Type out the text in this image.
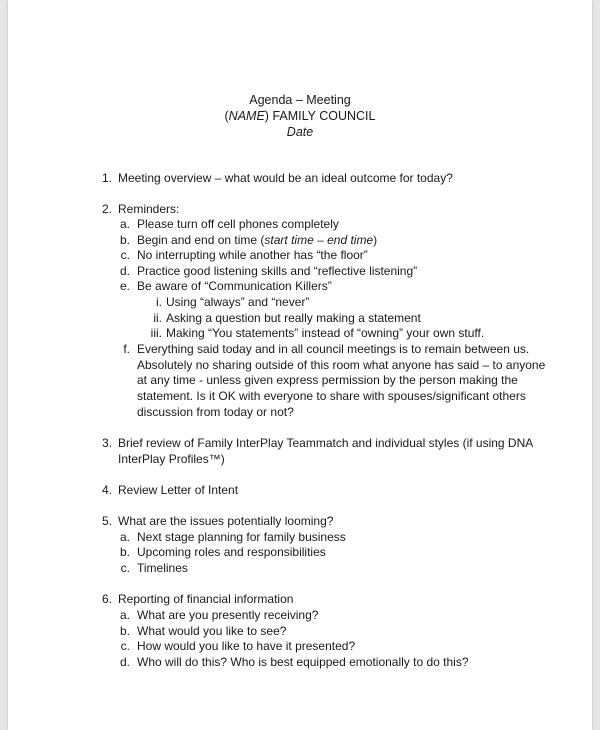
Agenda – Meeting
(NAME) FAMILY COUNCIL
Date
1. Meeting overview – what would be an ideal outcome for today?
2. Reminders:
a. Please turn off cell phones completely
b. Begin and end on time (start time – end time)
c. No interrupting while another has “the floor”
d. Practice good listening skills and “reflective listening”
e. Be aware of “Communication Killers”
i. Using “always” and “never”
ii. Asking a question but really making a statement
iii. Making “You statements” instead of “owning” your own stuff.
f. Everything said today and in all council meetings is to remain between us.
Absolutely no sharing outside of this room what anyone has said – to anyone
at any time - unless given express permission by the person making the
statement. Is it OK with everyone to share with spouses/significant others
discussion from today or not?
3. Brief review of Family InterPlay Teammatch and individual styles (if using DNA
InterPlay Profiles™)
4. Review Letter of Intent
5. What are the issues potentially looming?
a. Next stage planning for family business
b. Upcoming roles and responsibilities
c. Timelines
6. Reporting of financial information
a. What are you presently receiving?
b. What would you like to see?
c. How would you like to have it presented?
d. Who will do this? Who is best equipped emotionally to do this?
